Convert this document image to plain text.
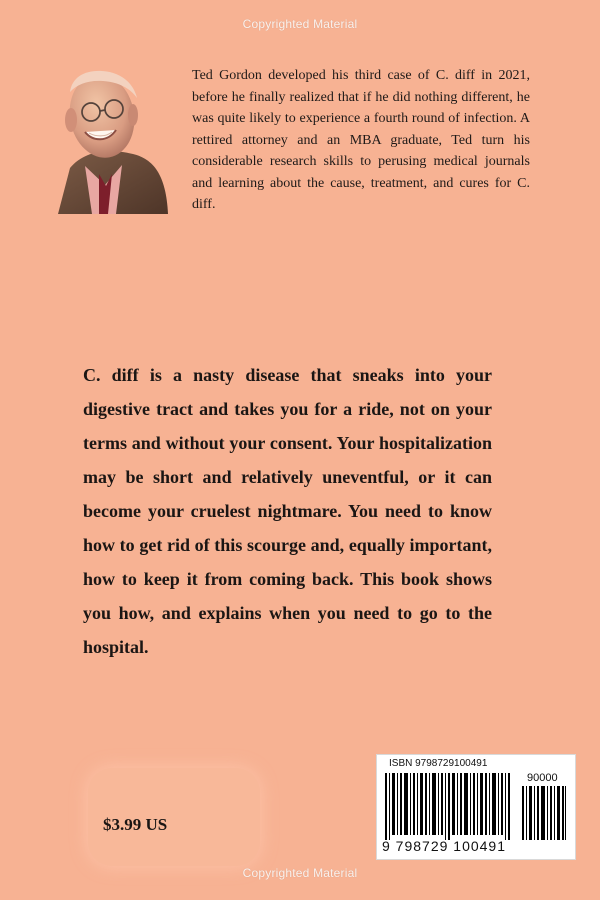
Copyrighted Material
Ted Gordon developed his third case of C. diff in 2021, before he finally realized that if he did nothing different, he was quite likely to experience a fourth round of infection. A rettired attorney and an MBA graduate, Ted turn his considerable research skills to perusing medical journals and learning about the cause, treatment, and cures for C. diff.
C. diff is a nasty disease that sneaks into your digestive tract and takes you for a ride, not on your terms and without your consent. Your hospitalization may be short and relatively uneventful, or it can become your cruelest nightmare. You need to know how to get rid of this scourge and, equally important, how to keep it from coming back. This book shows you how, and explains when you need to go to the hospital.
$3.99 US
ISBN 9798729100491
90000
9 798729 100491
Copyrighted Material
